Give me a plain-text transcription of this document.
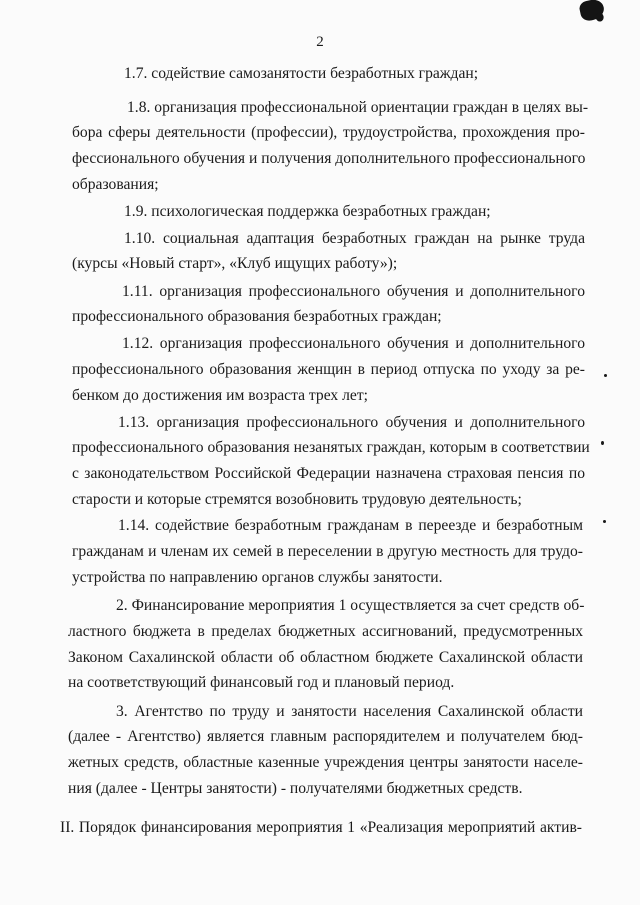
2
1.7. содействие самозанятости безработных граждан;
1.8. организация профессиональной ориентации граждан в целях вы-
бора сферы деятельности (профессии), трудоустройства, прохождения про-
фессионального обучения и получения дополнительного профессионального
образования;
1.9. психологическая поддержка безработных граждан;
1.10. социальная адаптация безработных граждан на рынке труда
(курсы «Новый старт», «Клуб ищущих работу»);
1.11. организация профессионального обучения и дополнительного
профессионального образования безработных граждан;
1.12. организация профессионального обучения и дополнительного
профессионального образования женщин в период отпуска по уходу за ре-
бенком до достижения им возраста трех лет;
1.13. организация профессионального обучения и дополнительного
профессионального образования незанятых граждан, которым в соответствии
с законодательством Российской Федерации назначена страховая пенсия по
старости и которые стремятся возобновить трудовую деятельность;
1.14. содействие безработным гражданам в переезде и безработным
гражданам и членам их семей в переселении в другую местность для трудо-
устройства по направлению органов службы занятости.
2. Финансирование мероприятия 1 осуществляется за счет средств об-
ластного бюджета в пределах бюджетных ассигнований, предусмотренных
Законом Сахалинской области об областном бюджете Сахалинской области
на соответствующий финансовый год и плановый период.
3. Агентство по труду и занятости населения Сахалинской области
(далее - Агентство) является главным распорядителем и получателем бюд-
жетных средств, областные казенные учреждения центры занятости населе-
ния (далее - Центры занятости) - получателями бюджетных средств.
II. Порядок финансирования мероприятия 1 «Реализация мероприятий актив-
